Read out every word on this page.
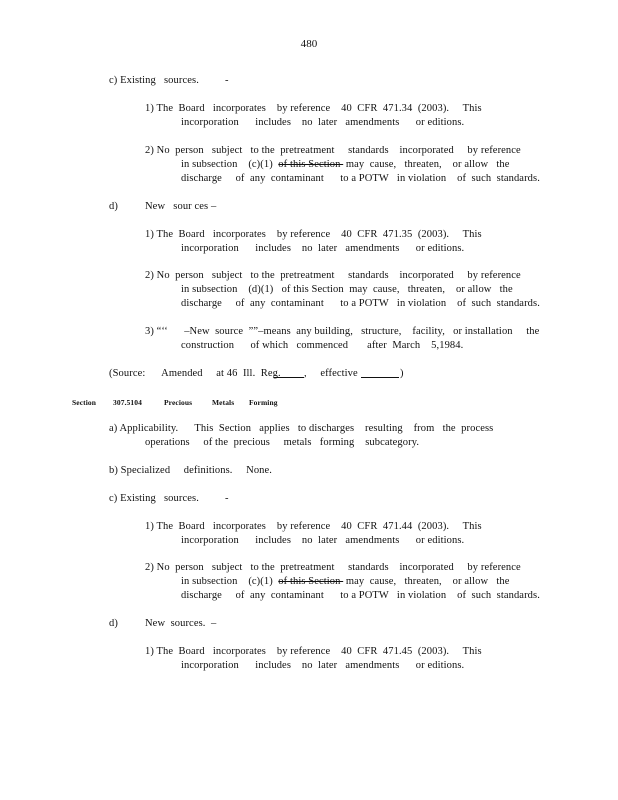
480
c) Existing sources. -
1) The  Board   incorporates    by reference    40  CFR  471.34  (2003).     This
incorporation      includes    no  later   amendments      or editions.
2) No  person   subject   to the  pretreatment     standards    incorporated     by reference
in subsection    (c)(1)  of this Section  may  cause,   threaten,    or allow   the
discharge     of  any  contaminant      to a POTW   in violation    of  such  standards.
d)	New   sour ces –
1) The  Board   incorporates    by reference    40  CFR  471.35  (2003).     This
incorporation      includes    no  later   amendments      or editions.
2) No  person   subject   to the  pretreatment     standards    incorporated     by reference
in subsection    (d)(1)   of this Section  may  cause,   threaten,    or allow   the
discharge     of  any  contaminant      to a POTW   in violation    of  such  standards.
3) “‘‘      –New  source  ””–means  any building,   structure,    facility,   or installation     the
construction      of which   commenced       after  March    5,1984.
(Source:      Amended     at 46  Ill.  Reg. ,     effective	)
Section 307.5104	Precious	Metals Forming
a) Applicability.      This  Section   applies   to discharges    resulting    from   the  process
operations     of the  precious     metals   forming    subcategory.
b) Specialized     definitions.     None.
c) Existing sources. -
1) The  Board   incorporates    by reference    40  CFR  471.44  (2003).     This
incorporation      includes    no  later   amendments      or editions.
2) No  person   subject   to the  pretreatment     standards    incorporated     by reference
in subsection    (c)(1)  of this Section  may  cause,   threaten,    or allow   the
discharge     of  any  contaminant      to a POTW   in violation    of  such  standards.
d)	New  sources.  –
1) The  Board   incorporates    by reference    40  CFR  471.45  (2003).     This
incorporation      includes    no  later   amendments      or editions.
